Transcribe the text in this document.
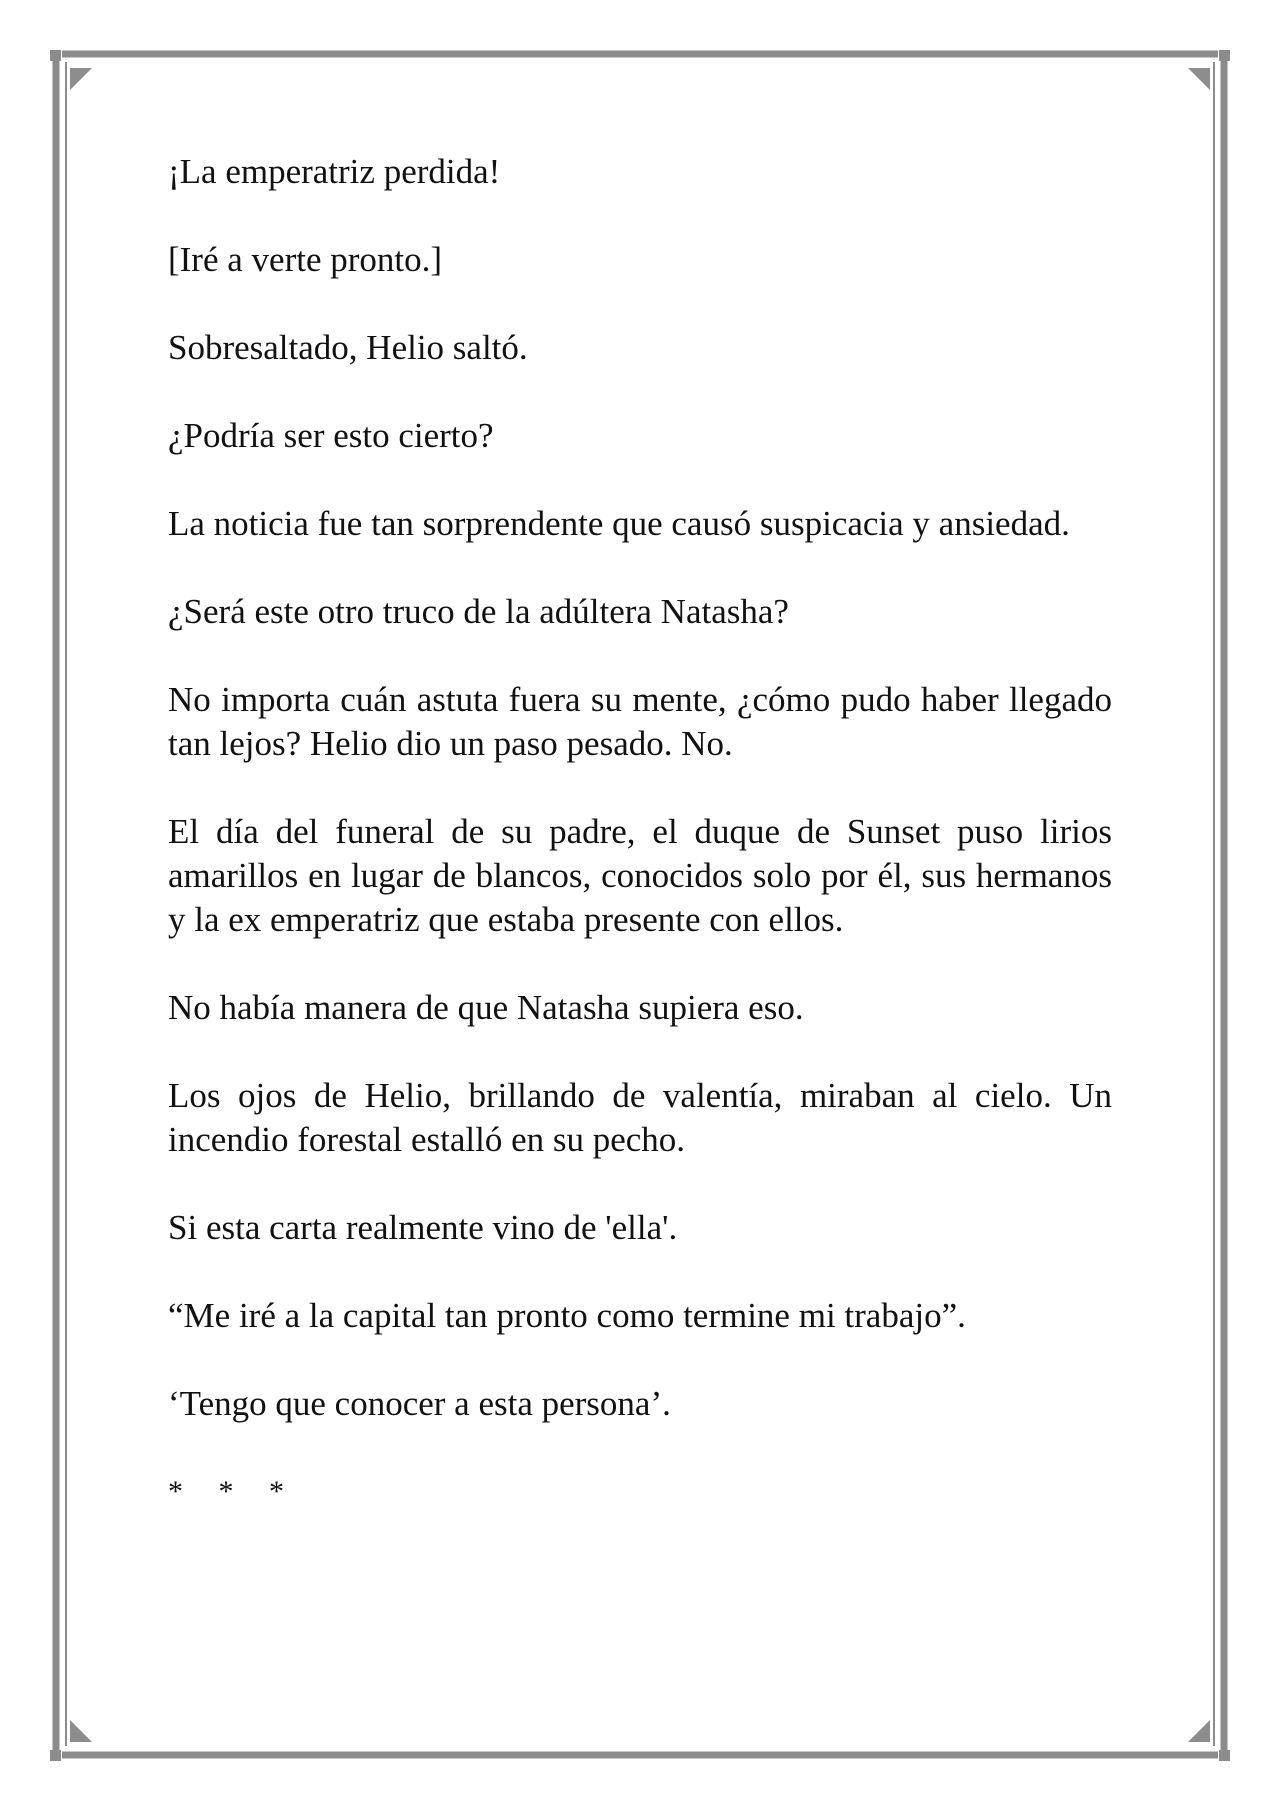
¡La emperatriz perdida!

[Iré a verte pronto.]

Sobresaltado, Helio saltó.

¿Podría ser esto cierto?

La noticia fue tan sorprendente que causó suspicacia y ansiedad.

¿Será este otro truco de la adúltera Natasha?

No importa cuán astuta fuera su mente, ¿cómo pudo haber llegado tan lejos? Helio dio un paso pesado. No.

El día del funeral de su padre, el duque de Sunset puso lirios amarillos en lugar de blancos, conocidos solo por él, sus hermanos y la ex emperatriz que estaba presente con ellos.

No había manera de que Natasha supiera eso.

Los ojos de Helio, brillando de valentía, miraban al cielo. Un incendio forestal estalló en su pecho.

Si esta carta realmente vino de 'ella'.

“Me iré a la capital tan pronto como termine mi trabajo”.

‘Tengo que conocer a esta persona’.

* * *
